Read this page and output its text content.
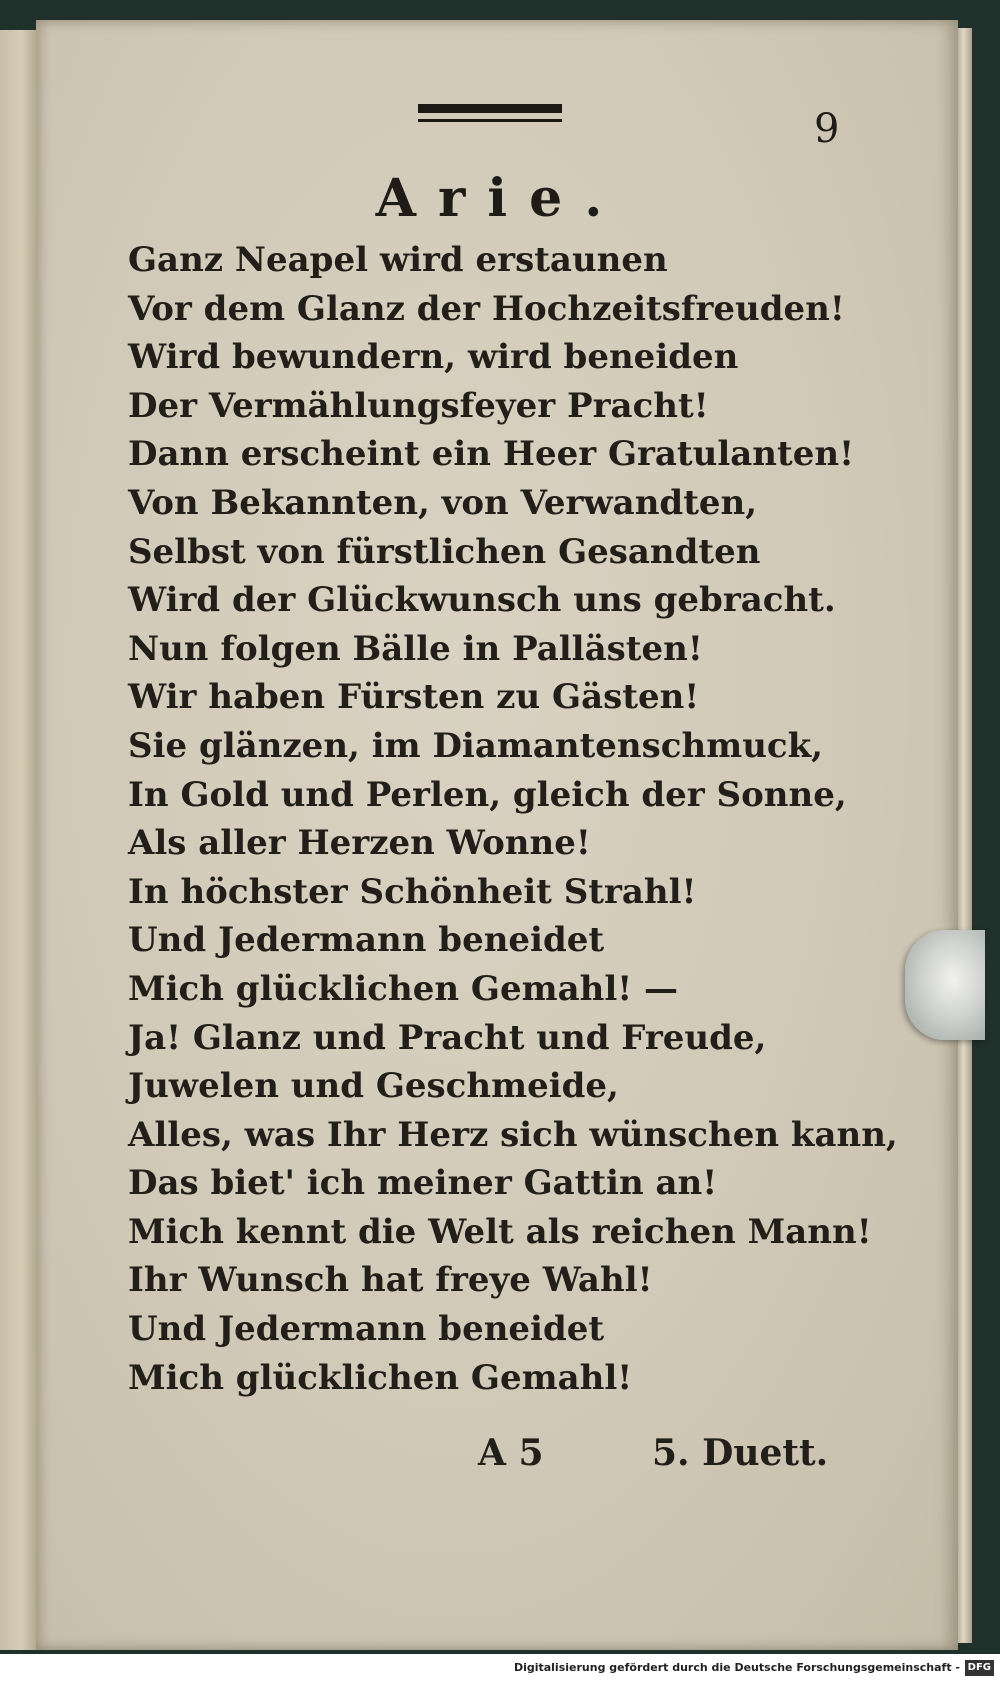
9
Arie.
Ganz Neapel wird erstaunen
Vor dem Glanz der Hochzeitsfreuden!
Wird bewundern, wird beneiden
Der Vermählungsfeyer Pracht!
Dann erscheint ein Heer Gratulanten!
Von Bekannten, von Verwandten,
Selbst von fürstlichen Gesandten
Wird der Glückwunsch uns gebracht.
Nun folgen Bälle in Pallästen!
Wir haben Fürsten zu Gästen!
Sie glänzen, im Diamantenschmuck,
In Gold und Perlen, gleich der Sonne,
Als aller Herzen Wonne!
In höchster Schönheit Strahl!
Und Jedermann beneidet
Mich glücklichen Gemahl! —
Ja! Glanz und Pracht und Freude,
Juwelen und Geschmeide,
Alles, was Ihr Herz sich wünschen kann,
Das biet' ich meiner Gattin an!
Mich kennt die Welt als reichen Mann!
Ihr Wunsch hat freye Wahl!
Und Jedermann beneidet
Mich glücklichen Gemahl!
A 5	5. Duett.
Digitalisierung gefördert durch die Deutsche Forschungsgemeinschaft - DFG
